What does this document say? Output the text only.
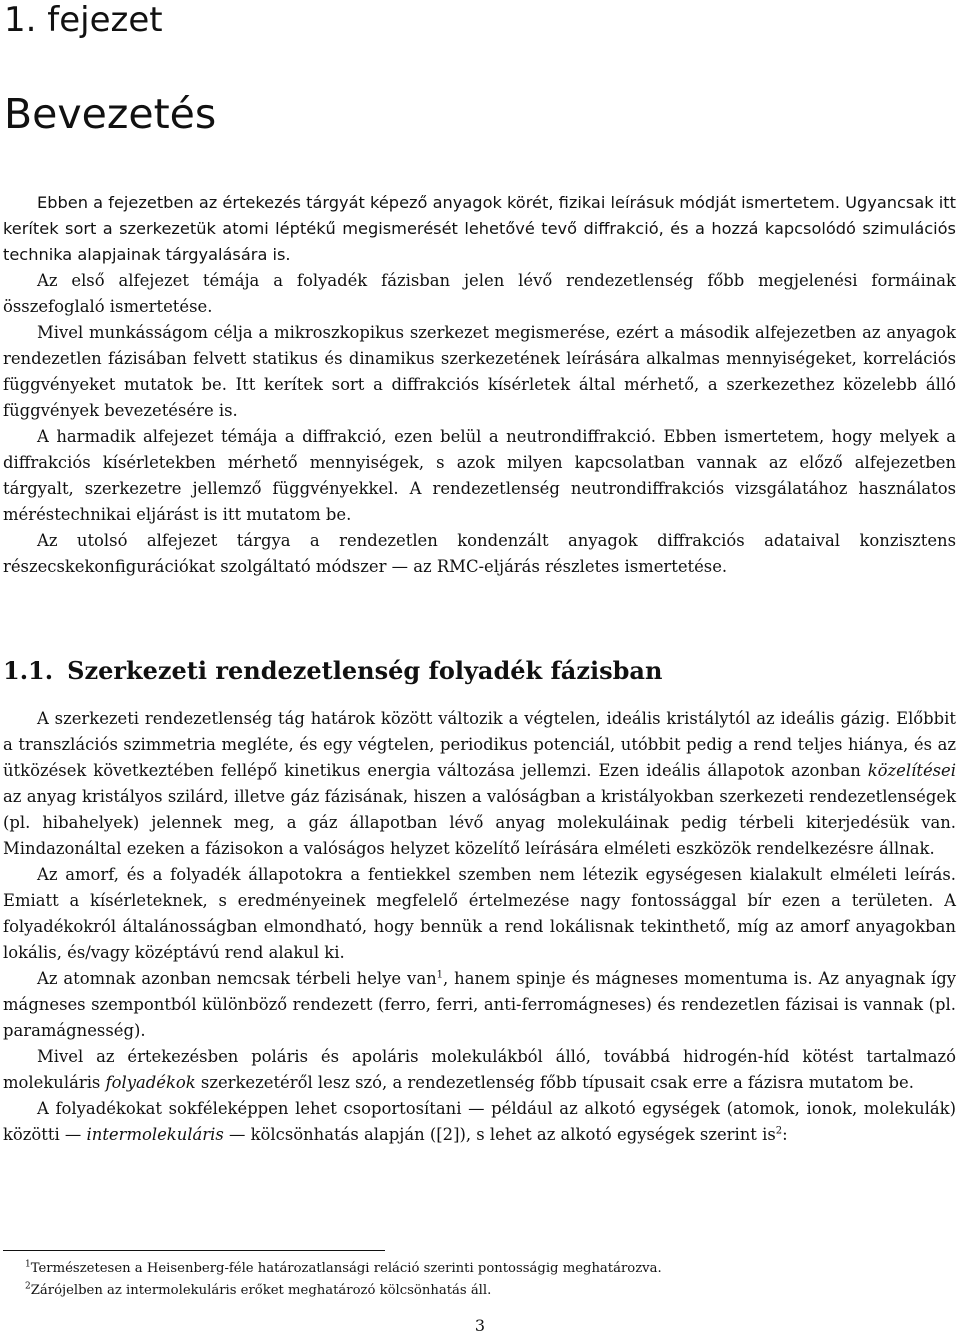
1. fejezet
Bevezetés

Ebben a fejezetben az értekezés tárgyát képező anyagok körét, fizikai leírásuk módját ismertetem. Ugyancsak itt kerítek sort a szerkezetük atomi léptékű megismerését lehetővé tevő diffrakció, és a hozzá kapcsolódó szimulációs technika alapjainak tárgyalására is.

Az első alfejezet témája a folyadék fázisban jelen lévő rendezetlenség főbb megjelenési formáinak összefoglaló ismertetése.

Mivel munkásságom célja a mikroszkopikus szerkezet megismerése, ezért a második alfejezetben az anyagok rendezetlen fázisában felvett statikus és dinamikus szerkezetének leírására alkalmas mennyiségeket, korrelációs függvényeket mutatok be. Itt kerítek sort a diffrakciós kísérletek által mérhető, a szerkezethez közelebb álló függvények bevezetésére is.

A harmadik alfejezet témája a diffrakció, ezen belül a neutrondiffrakció. Ebben ismertetem, hogy melyek a diffrakciós kísérletekben mérhető mennyiségek, s azok milyen kapcsolatban vannak az előző alfejezetben tárgyalt, szerkezetre jellemző függvényekkel. A rendezetlenség neutrondiffrakciós vizsgálatához használatos méréstechnikai eljárást is itt mutatom be.

Az utolsó alfejezet tárgya a rendezetlen kondenzált anyagok diffrakciós adataival konzisztens részecskekonfigurációkat szolgáltató módszer — az RMC-eljárás részletes ismertetése.

1.1. Szerkezeti rendezetlenség folyadék fázisban

A szerkezeti rendezetlenség tág határok között változik a végtelen, ideális kristálytól az ideális gázig. Előbbit a transzlációs szimmetria megléte, és egy végtelen, periodikus potenciál, utóbbit pedig a rend teljes hiánya, és az ütközések következtében fellépő kinetikus energia változása jellemzi. Ezen ideális állapotok azonban közelítései az anyag kristályos szilárd, illetve gáz fázisának, hiszen a valóságban a kristályokban szerkezeti rendezetlenségek (pl. hibahelyek) jelennek meg, a gáz állapotban lévő anyag molekuláinak pedig térbeli kiterjedésük van. Mindazonáltal ezeken a fázisokon a valóságos helyzet közelítő leírására elméleti eszközök rendelkezésre állnak.

Az amorf, és a folyadék állapotokra a fentiekkel szemben nem létezik egységesen kialakult elméleti leírás. Emiatt a kísérleteknek, s eredményeinek megfelelő értelmezése nagy fontossággal bír ezen a területen. A folyadékokról általánosságban elmondható, hogy bennük a rend lokálisnak tekinthető, míg az amorf anyagokban lokális, és/vagy középtávú rend alakul ki.

Az atomnak azonban nemcsak térbeli helye van$^1$, hanem spinje és mágneses momentuma is. Az anyagnak így mágneses szempontból különböző rendezett (ferro, ferri, anti-ferromágneses) és rendezetlen fázisai is vannak (pl. paramágnesség).

Mivel az értekezésben poláris és apoláris molekulákból álló, továbbá hidrogén-híd kötést tartalmazó molekuláris folyadékok szerkezetéről lesz szó, a rendezetlenség főbb típusait csak erre a fázisra mutatom be.

A folyadékokat sokféleképpen lehet csoportosítani — például az alkotó egységek (atomok, ionok, molekulák) közötti — intermolekuláris — kölcsönhatás alapján ([2]), s lehet az alkotó egységek szerint $is^2$:

$^1$Természetesen a Heisenberg-féle határozatlansági reláció szerinti pontosságig meghatározva.
$^2$Zárójelben az intermolekuláris erőket meghatározó kölcsönhatás áll.
3
